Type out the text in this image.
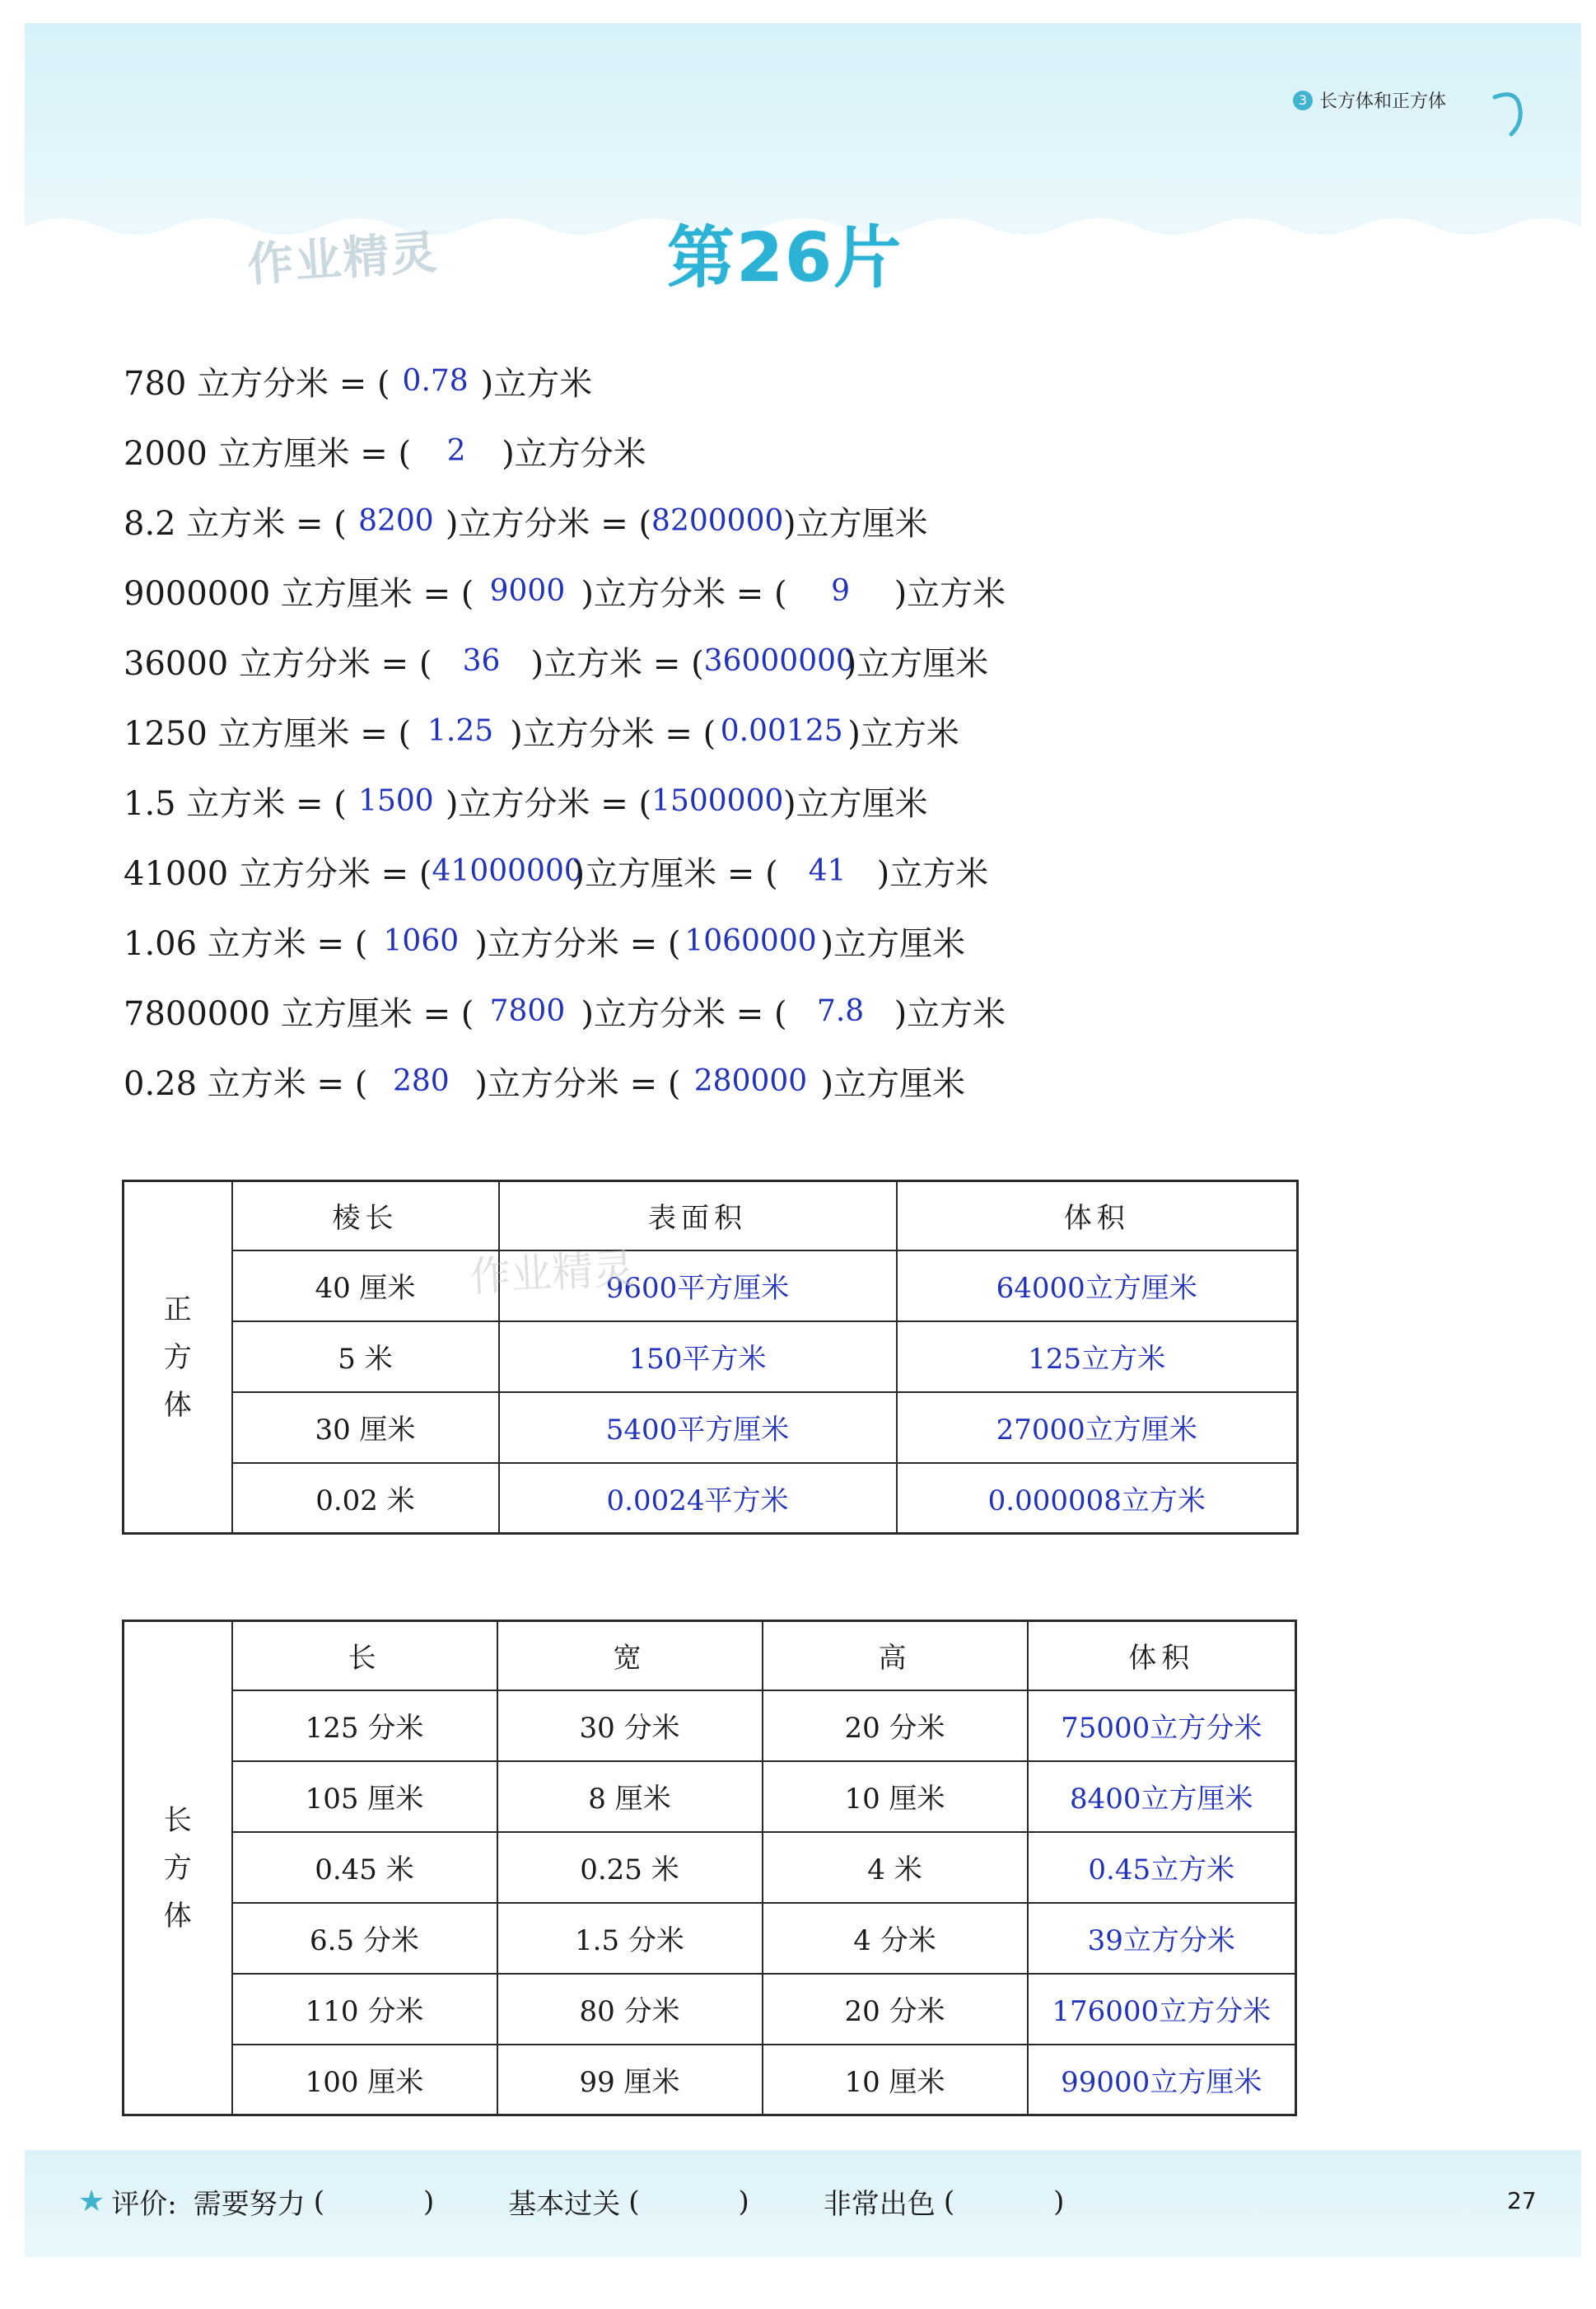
3 长方体和正方体
作业精灵	第26片
780 立方分米 = ( 0.78 )立方米
2000 立方厘米 = (	2	)立方分米
8.2 立方米 = ( 8200 )立方分米 = ( 8200000 )立方厘米
9000000 立方厘米 = ( 9000 )立方分米 = (	9	)立方米
36000 立方分米 = (	36 )立方米 = ( 36000000
)立方厘米
1250 立方厘米 = ( 1.25 )立方分米 = ( 0.00125 )立方米
1.5 立方米 = ( 1500 )立方分米 = ( 1500000 )立方厘米
41000 立方分米 = ( 41000000
)立方厘米 = (	41 )立方米
1.06 立方米 = ( 1060 )立方分米 = ( 1060000 )立方厘米
7800000 立方厘米 = ( 7800 )立方分米 = (	7.8 )立方米
0.28 立方米 = ( 280 )立方分米 = ( 280000 )立方厘米
正
方
体	棱长	表面积	体积
	40 厘米	9600平方厘米	64000立方厘米
	5 米	150平方米	125立方米
	30 厘米	5400平方厘米	27000立方厘米
	0.02 米	0.0024平方米	0.000008立方米
作业精灵
长
方
体	长	宽	高	体积
	125 分米	30 分米	20 分米	75000立方分米
	105 厘米	8 厘米	10 厘米	8400立方厘米
	0.45 米	0.25 米	4 米	0.45立方米
	6.5 分米	1.5 分米	4 分米	39立方分米
	110 分米	80 分米	20 分米	176000立方分米
	100 厘米	99 厘米	10 厘米	99000立方厘米
★ 评价: 需要努力 (	)	基本过关 (	)	非常出色 (	)	27
